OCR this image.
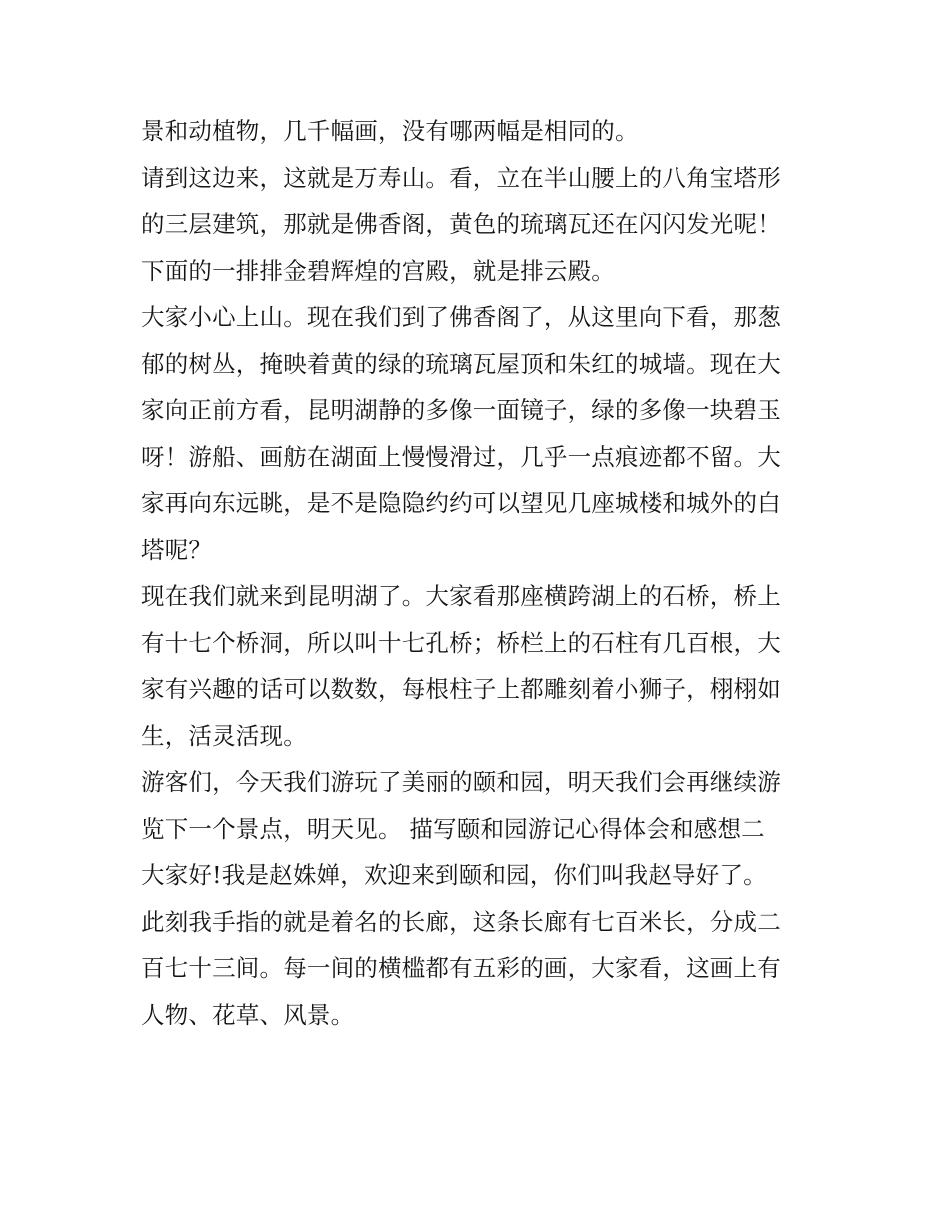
景和动植物，几千幅画，没有哪两幅是相同的。
请到这边来，这就是万寿山。看，立在半山腰上的八角宝塔形
的三层建筑，那就是佛香阁，黄色的琉璃瓦还在闪闪发光呢！
下面的一排排金碧辉煌的宫殿，就是排云殿。
大家小心上山。现在我们到了佛香阁了，从这里向下看，那葱
郁的树丛，掩映着黄的绿的琉璃瓦屋顶和朱红的城墙。现在大
家向正前方看，昆明湖静的多像一面镜子，绿的多像一块碧玉
呀！游船、画舫在湖面上慢慢滑过，几乎一点痕迹都不留。大
家再向东远眺，是不是隐隐约约可以望见几座城楼和城外的白
塔呢？
现在我们就来到昆明湖了。大家看那座横跨湖上的石桥，桥上
有十七个桥洞，所以叫十七孔桥；桥栏上的石柱有几百根，大
家有兴趣的话可以数数，每根柱子上都雕刻着小狮子，栩栩如
生，活灵活现。
游客们，今天我们游玩了美丽的颐和园，明天我们会再继续游
览下一个景点，明天见。 描写颐和园游记心得体会和感想二
大家好!我是赵姝婵，欢迎来到颐和园，你们叫我赵导好了。
此刻我手指的就是着名的长廊，这条长廊有七百米长，分成二
百七十三间。每一间的横槛都有五彩的画，大家看，这画上有
人物、花草、风景。
